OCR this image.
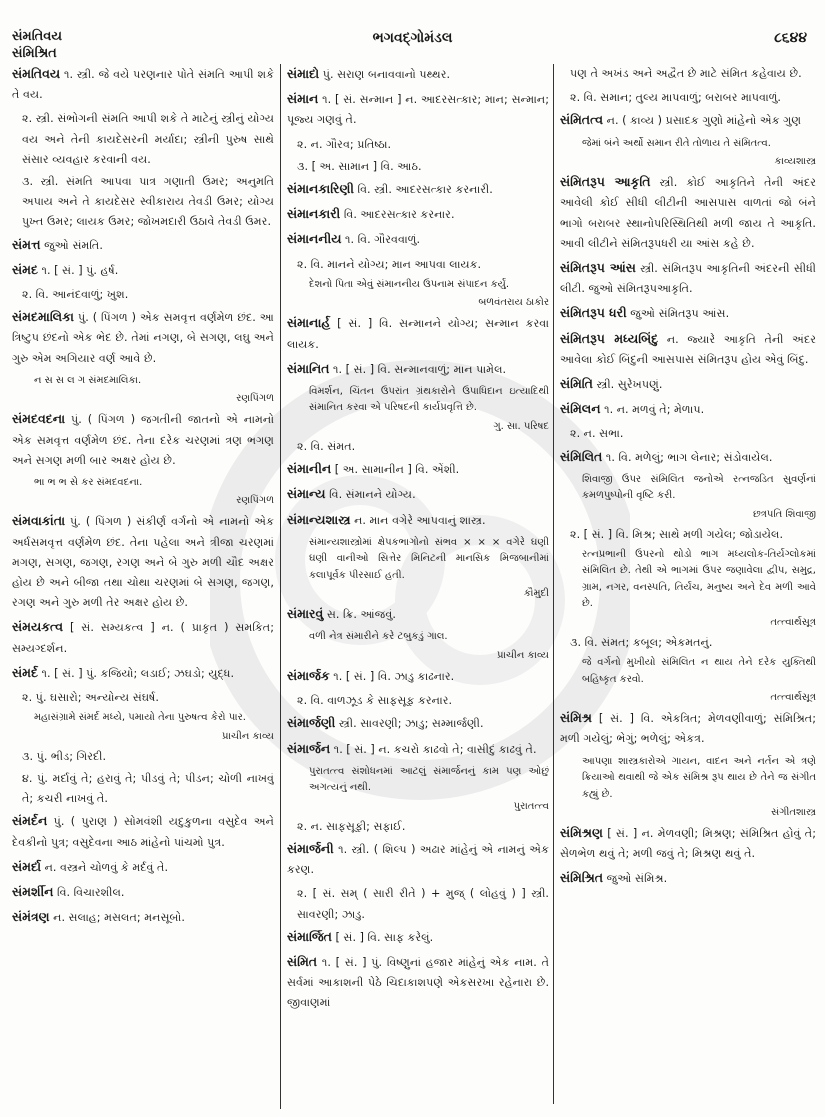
સંમતિવય
સંમિશ્રિત
ભગવદ્ગોમંડલ	૮૬૪૪
સંમતિવય ૧. સ્ત્રી. જે વયે પરણનાર પોતે સંમતિ આપી શકે તે વય.
૨. સ્ત્રી. સંભોગની સંમતિ આપી શકે તે માટેનું સ્ત્રીનું યોગ્ય વય અને તેની કાયદેસરની મર્યાદા; સ્ત્રીની પુરુષ સાથે સંસાર વ્યવહાર કરવાની વય.
૩. સ્ત્રી. સંમતિ આપવા પાત્ર ગણાતી ઉમર; અનુમતિ અપાય અને તે કાયદેસર સ્વીકારાય તેવડી ઉમર; યોગ્ય પુખ્ત ઉમર; લાયક ઉમર; જોખમદારી ઉઠાવે તેવડી ઉમર.
સંમત્ત જુઓ સંમતિ.
સંમદ ૧. [ સં. ] પું. હર્ષ.
૨. વિ. આનંદવાળું; ખુશ.
સંમદમાલિકા પું. ( પિંગળ ) એક સમવૃત્ત વર્ણમેળ છંદ. આ ત્રિષ્ટુપ છંદનો એક ભેદ છે. તેમાં નગણ, બે સગણ, લઘુ અને ગુરુ એમ અગિયાર વર્ણ આવે છે.
ન સ સ લ ગ સંમદમાલિકા.
રણપિંગળ
સંમદવદના પું. ( પિંગળ ) જગતીની જાતનો એ નામનો એક સમવૃત્ત વર્ણમેળ છંદ. તેના દરેક ચરણમાં ત્રણ ભગણ અને સગણ મળી બાર અક્ષર હોય છે.
ભા ભ ભ સે કર સંમદવદના.
રણપિંગળ
સંમવાકાંતા પું. ( પિંગળ ) સંકીર્ણ વર્ગનો એ નામનો એક અર્ધસમવૃત્ત વર્ણમેળ છંદ. તેના પહેલા અને ત્રીજા ચરણમાં મગણ, સગણ, જગણ, રગણ અને બે ગુરુ મળી ચૌદ અક્ષર હોય છે અને બીજા તથા ચોથા ચરણમાં બે સગણ, જગણ, રગણ અને ગુરુ મળી તેર અક્ષર હોય છે.
સંમયકત્વ [ સં. સમ્યકત્વ ] ન. ( પ્રાકૃત ) સમકિત; સમ્યગ્દર્શન.
સંમર્દ ૧. [ સં. ] પું. કજિયો; લડાઈ; ઝઘડો; યુદ્ધ.
૨. પું. ઘસારો; અન્યોન્ય સંઘર્ષ.
મહાસંગ્રામે સંમર્દ મધ્યે, પમાયો તેના પુરુષત્વ કેરો પાર.
પ્રાચીન કાવ્ય
૩. પું. ભીડ; ગિરદી.
૪. પું. મર્દાવું તે; હરાવું તે; પીડવું તે; પીડન; ચોળી નાખવું તે; કચરી નાખવું તે.
સંમર્દન પું. ( પુરાણ ) સોમવંશી યદુકુળના વસુદેવ અને દેવકીનો પુત્ર; વસુદેવના આઠ માંહેનો પાંચમો પુત્ર.
સંમર્દા ન. વસ્ત્રને ચોળવું કે મર્દવું તે.
સંમર્શીન વિ. વિચારશીલ.
સંમંત્રણ ન. સલાહ; મસલત; મનસૂબો.
સંમાદો પું. સરાણ બનાવવાનો પથ્થર.
સંમાન ૧. [ સં. સન્માન ] ન. આદરસત્કાર; માન; સન્માન; પૂજ્ય ગણવું તે.
૨. ન. ગૌરવ; પ્રતિષ્ઠા.
૩. [ અ. સામાન ] વિ. આઠ.
સંમાનકારિણી વિ. સ્ત્રી. આદરસત્કાર કરનારી.
સંમાનકારી વિ. આદરસત્કાર કરનાર.
સંમાનનીય ૧. વિ. ગૌરવવાળું.
૨. વિ. માનને યોગ્ય; માન આપવા લાયક.
દેશનો પિતા એવું સંમાનનીય ઉપનામ સંપાદન કર્યું.
બળવંતરાય ઠાકોર
સંમાનાર્હ [ સં. ] વિ. સન્માનને યોગ્ય; સન્માન કરવા લાયક.
સંમાનિત ૧. [ સં. ] વિ. સન્માનવાળું; માન પામેલ.
વિમર્શન, ચિંતન ઉપરાંત ગ્રંથકારોને ઉપાધિદાન ઇત્યાદિથી સંમાનિત કરવા એ પરિષદની કાર્યપ્રવૃત્તિ છે.
ગુ. સા. પરિષદ
૨. વિ. સંમત.
સંમાનીન [ અ. સામાનીન ] વિ. એંશી.
સંમાન્ય વિ. સંમાનને યોગ્ય.
સંમાન્યશાસ્ત્ર ન. માન વગેરે આપવાનું શાસ્ત્ર.
સંમાન્યશાસ્ત્રોમાં ક્ષેપકભાગોનો સંભવ × × × વગેરે ઘણી ઘણી વાનીઓ સિત્તેર મિનિટની માનસિક મિજબાનીમાં કલાપૂર્વક પીરસાઈ હતી.
કૌમુદી
સંમારવું સ. ક્રિ. આંજવું.
વળી નેત્ર સંમારીને કરે ટબુકડું ગાલ.
પ્રાચીન કાવ્ય
સંમાર્જક ૧. [ સં. ] વિ. ઝાડુ કાઢનાર.
૨. વિ. વાળઝૂડ કે સાફસૂફ કરનાર.
સંમાર્જણી સ્ત્રી. સાવરણી; ઝાડુ; સમ્માર્જણી.
સંમાર્જન ૧. [ સં. ] ન. કચરો કાઢવો તે; વાસીદું કાઢવું તે.
પુરાતત્ત્વ સંશોધનમાં આટલું સંમાર્જનનું કામ પણ ઓછું અગત્યનું નથી.
પુરાતત્ત્વ
૨. ન. સાફસૂફી; સફાઈ.
સંમાર્જની ૧. સ્ત્રી. ( શિલ્પ ) અઢાર માંહેનું એ નામનું એક કરણ.
૨. [ સં. સમ્ ( સારી રીતે ) + મુજ્ ( લોહવું ) ] સ્ત્રી. સાવરણી; ઝાડુ.
સંમાર્જિત [ સં. ] વિ. સાફ કરેલું.
સંમિત ૧. [ સં. ] પું. વિષ્ણુનાં હજાર માંહેનું એક નામ. તે સર્વમાં આકાશની પેઠે ચિદાકાશપણે એકસરખા રહેનારા છે. જીવાણમાં
પણ તે અખંડ અને અદ્વૈત છે માટે સંમિત કહેવાય છે.
૨. વિ. સમાન; તુલ્ય માપવાળું; બરાબર માપવાળું.
સંમિતત્વ ન. ( કાવ્ય ) પ્રસાદક ગુણો માંહેનો એક ગુણ
જેમાં બંને અર્થો સમાન રીતે તોળાય તે સંમિતત્વ.
કાવ્યશાસ્ત્ર
સંમિતરૂપ આકૃતિ સ્ત્રી. કોઈ આકૃતિને તેની અંદર આવેલી કોઈ સીધી લીટીની આસપાસ વાળતાં જો બંને ભાગો બરાબર સ્થાનોપરિસ્થિતિથી મળી જાય તે આકૃતિ. આવી લીટીને સંમિતરૂપધરી યા આંસ કહે છે.
સંમિતરૂપ આંસ સ્ત્રી. સંમિતરૂપ આકૃતિની અંદરની સીધી લીટી. જુઓ સંમિતરૂપઆકૃતિ.
સંમિતરૂપ ધરી જુઓ સંમિતરૂપ આંસ.
સંમિતરૂપ મધ્યબિંદુ ન. જ્યારે આકૃતિ તેની અંદર આવેલા કોઈ બિંદુની આસપાસ સંમિતરૂપ હોય એવું બિંદુ.
સંમિતિ સ્ત્રી. સુરેખપણું.
સંમિલન ૧. ન. મળવું તે; મેળાપ.
૨. ન. સભા.
સંમિલિત ૧. વિ. મળેલું; ભાગ લેનાર; સંડોવાયેલ.
શિવાજી ઉપર સંમિલિત જનોએ રત્નજડિત સુવર્ણનાં કમળપુષ્પોની વૃષ્ટિ કરી.
છત્રપતિ શિવાજી
૨. [ સં. ] વિ. મિશ્ર; સાથે મળી ગયેલ; જોડાયેલ.
રત્નપ્રભાની ઉપરનો થોડો ભાગ મધ્યલોક-તિર્યગ્લોકમાં સંમિલિત છે. તેથી એ ભાગમાં ઉપર જણાવેલા દ્વીપ, સમુદ્ર, ગ્રામ, નગર, વનસ્પતિ, તિર્યંચ, મનુષ્ય અને દેવ મળી આવે છે.
તત્ત્વાર્થસૂત્ર
૩. વિ. સંમત; કબૂલ; એકમતનું.
જે વર્ગનો મુખીયો સંમિલિત ન થાય તેને દરેક યુક્તિથી બહિષ્કૃત કરવો.
તત્ત્વાર્થસૂત્ર
સંમિશ્ર [ સં. ] વિ. એકત્રિત; મેળવણીવાળું; સંમિશ્રિત; મળી ગયેલું; ભેગું; ભળેલું; એકત્ર.
આપણા શાસ્ત્રકારોએ ગાયન, વાદન અને નર્તન એ ત્રણે ક્રિયાઓ થવાથી જે એક સંમિશ્ર રૂપ થાય છે તેને જ સંગીત કહ્યું છે.
સંગીતશાસ્ત્ર
સંમિશ્રણ [ સં. ] ન. મેળવણી; મિશ્રણ; સંમિશ્રિત હોવું તે; સેળભેળ થવું તે; મળી જવું તે; મિશ્રણ થવું તે.
સંમિશ્રિત જુઓ સંમિશ્ર.
